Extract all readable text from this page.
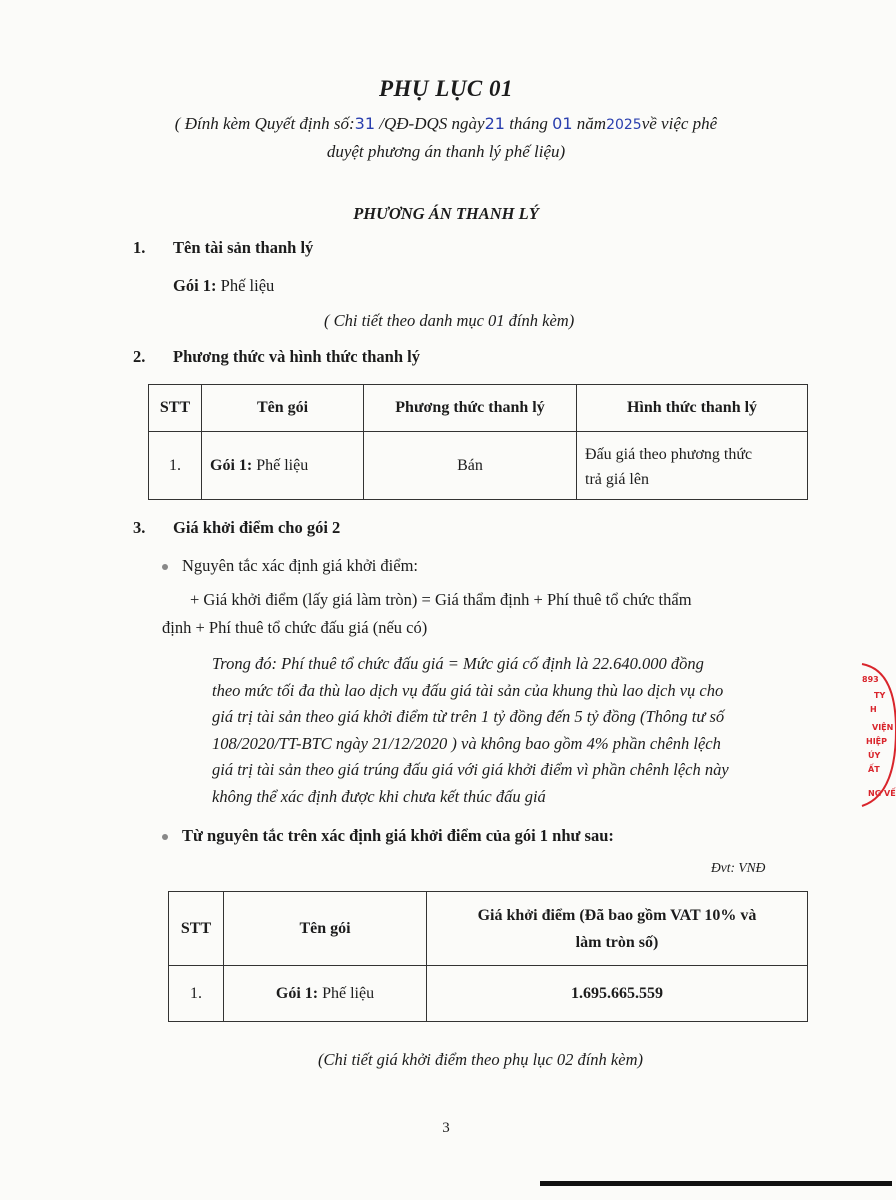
PHỤ LỤC 01
( Đính kèm Quyết định số:31 /QĐ-DQS ngày21 tháng 01 năm2025về việc phê
duyệt phương án thanh lý phế liệu)
PHƯƠNG ÁN THANH LÝ
1. Tên tài sản thanh lý
Gói 1: Phế liệu
( Chi tiết theo danh mục 01 đính kèm)
2. Phương thức và hình thức thanh lý
STT	Tên gói	Phương thức thanh lý	Hình thức thanh lý
1.	Gói 1: Phế liệu	Bán	Đấu giá theo phương thức
trả giá lên
3. Giá khởi điểm cho gói 2
Nguyên tắc xác định giá khởi điểm:
+ Giá khởi điểm (lấy giá làm tròn) = Giá thẩm định + Phí thuê tổ chức thẩm
định + Phí thuê tổ chức đấu giá (nếu có)
Trong đó: Phí thuê tổ chức đấu giá = Mức giá cố định là 22.640.000 đồng
theo mức tối đa thù lao dịch vụ đấu giá tài sản của khung thù lao dịch vụ cho
giá trị tài sản theo giá khởi điểm từ trên 1 tỷ đồng đến 5 tỷ đồng (Thông tư số
108/2020/TT-BTC ngày 21/12/2020 ) và không bao gồm 4% phần chênh lệch
giá trị tài sản theo giá trúng đấu giá với giá khởi điểm vì phần chênh lệch này
không thể xác định được khi chưa kết thúc đấu giá
Từ nguyên tắc trên xác định giá khởi điểm của gói 1 như sau:
Đvt: VNĐ
STT	Tên gói	Giá khởi điểm (Đã bao gồm VAT 10% và
làm tròn số)

1.	Gói 1: Phế liệu	1.695.665.559
(Chi tiết giá khởi điểm theo phụ lục 02 đính kèm)
3
893
TY
H
VIỆN
HIỆP
ÚY
ẤT
NG VẾ
